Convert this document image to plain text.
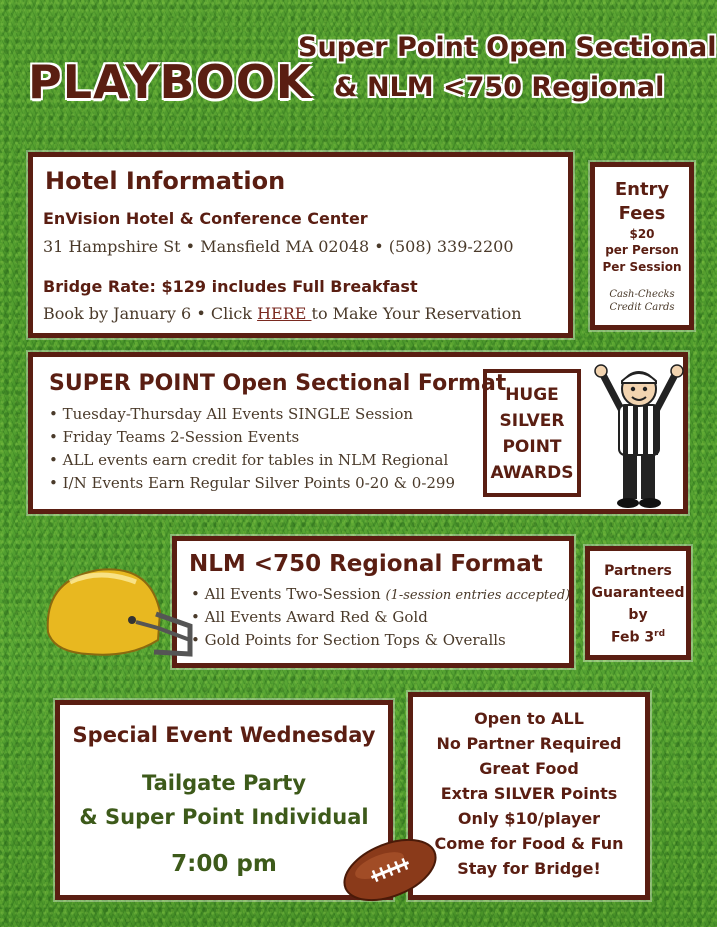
PLAYBOOK
Super Point Open Sectional
& NLM <750 Regional
Hotel Information
EnVision Hotel & Conference Center
31 Hampshire St • Mansfield MA 02048 • (508) 339-2200
Bridge Rate: $129 includes Full Breakfast
Book by January 6 • Click HERE to Make Your Reservation
Entry
Fees
$20
per Person
Per Session
Cash-Checks
Credit Cards
SUPER POINT Open Sectional Format
• Tuesday-Thursday All Events SINGLE Session
• Friday Teams 2-Session Events
• ALL events earn credit for tables in NLM Regional
• I/N Events Earn Regular Silver Points 0-20 & 0-299
HUGE
SILVER
POINT
AWARDS
NLM <750 Regional Format
• All Events Two-Session (1-session entries accepted)
• All Events Award Red & Gold
• Gold Points for Section Tops & Overalls
Partners
Guaranteed
by
Feb 3rd
Special Event Wednesday
Tailgate Party
& Super Point Individual
7:00 pm
Open to ALL
No Partner Required
Great Food
Extra SILVER Points
Only $10/player
Come for Food & Fun
Stay for Bridge!
